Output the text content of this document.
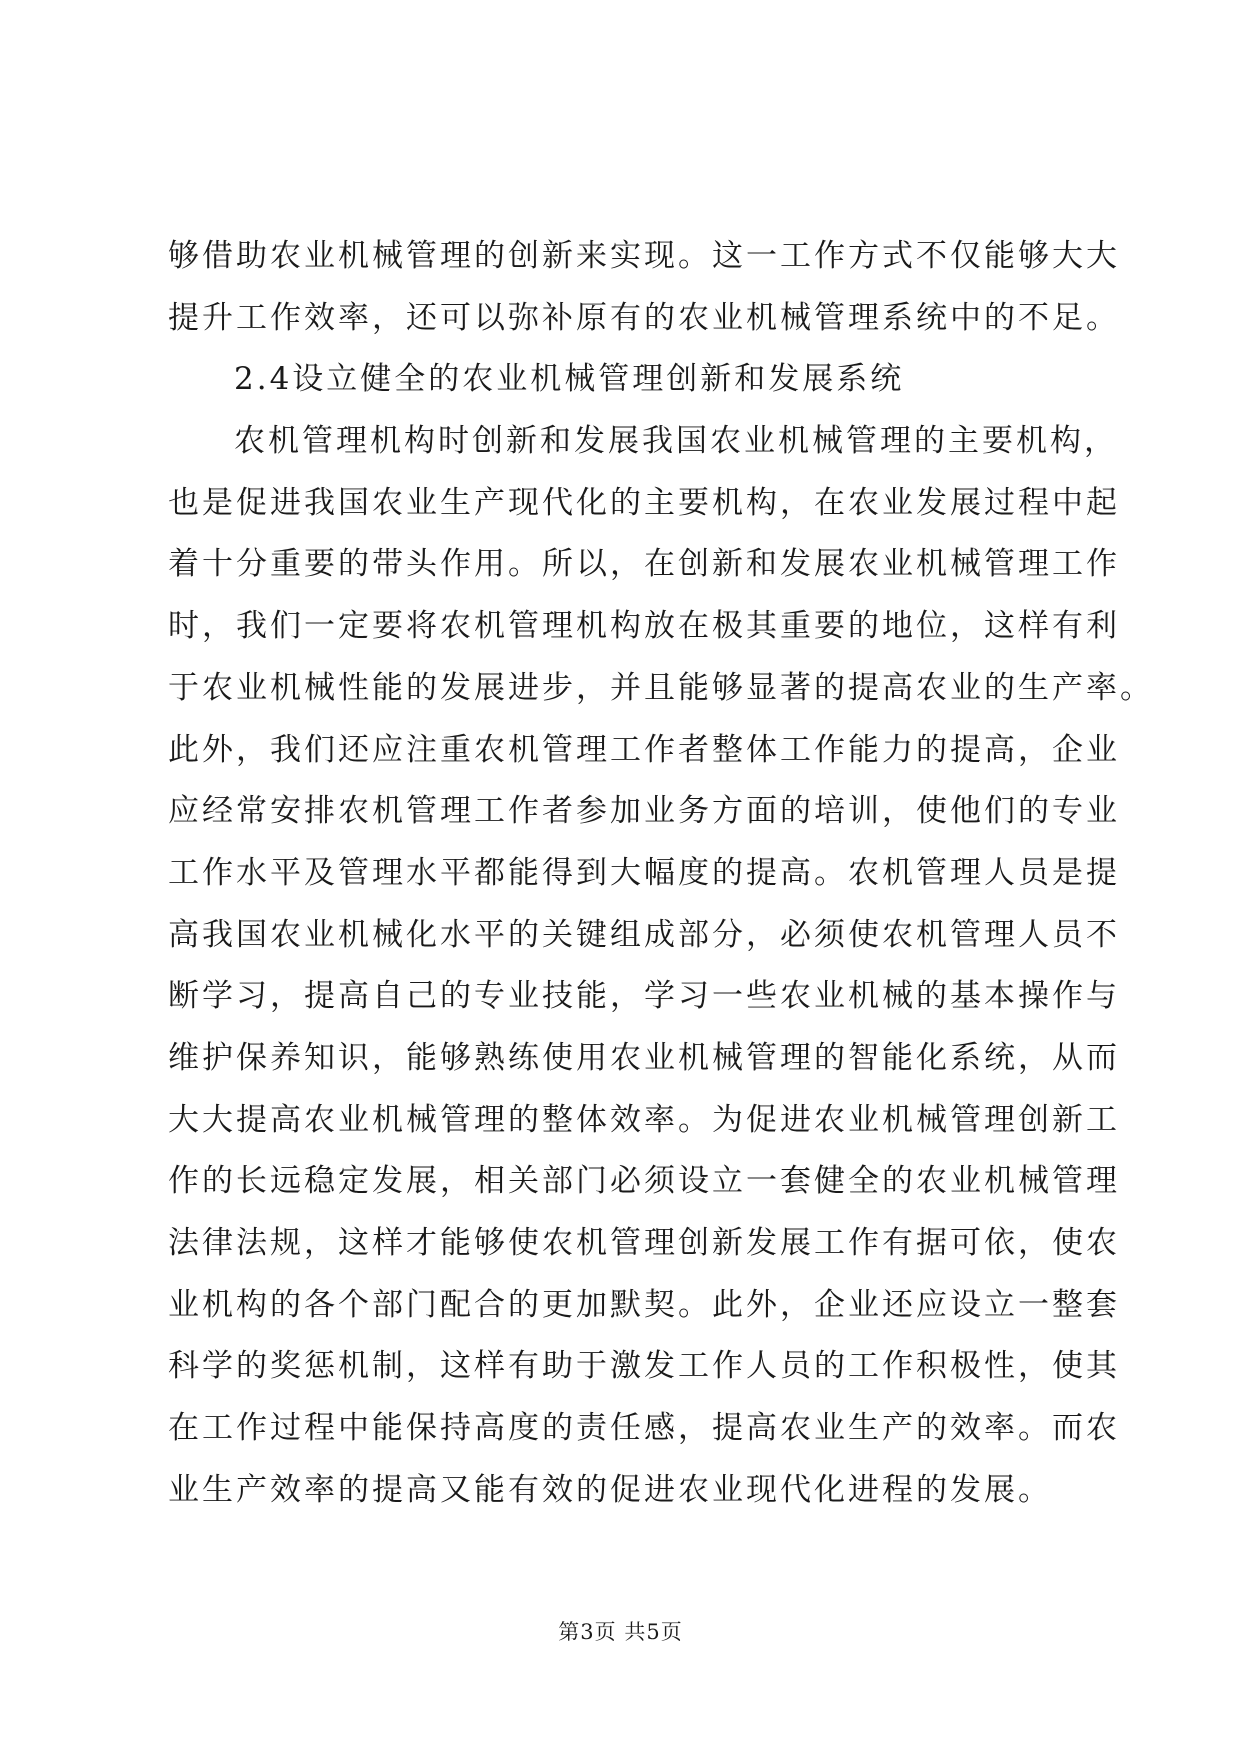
够借助农业机械管理的创新来实现。这一工作方式不仅能够大大
提升工作效率，还可以弥补原有的农业机械管理系统中的不足。
2.4设立健全的农业机械管理创新和发展系统
农机管理机构时创新和发展我国农业机械管理的主要机构，
也是促进我国农业生产现代化的主要机构，在农业发展过程中起
着十分重要的带头作用。所以，在创新和发展农业机械管理工作
时，我们一定要将农机管理机构放在极其重要的地位，这样有利
于农业机械性能的发展进步，并且能够显著的提高农业的生产率。
此外，我们还应注重农机管理工作者整体工作能力的提高，企业
应经常安排农机管理工作者参加业务方面的培训，使他们的专业
工作水平及管理水平都能得到大幅度的提高。农机管理人员是提
高我国农业机械化水平的关键组成部分，必须使农机管理人员不
断学习，提高自己的专业技能，学习一些农业机械的基本操作与
维护保养知识，能够熟练使用农业机械管理的智能化系统，从而
大大提高农业机械管理的整体效率。为促进农业机械管理创新工
作的长远稳定发展，相关部门必须设立一套健全的农业机械管理
法律法规，这样才能够使农机管理创新发展工作有据可依，使农
业机构的各个部门配合的更加默契。此外，企业还应设立一整套
科学的奖惩机制，这样有助于激发工作人员的工作积极性，使其
在工作过程中能保持高度的责任感，提高农业生产的效率。而农
业生产效率的提高又能有效的促进农业现代化进程的发展。
第3页 共5页
